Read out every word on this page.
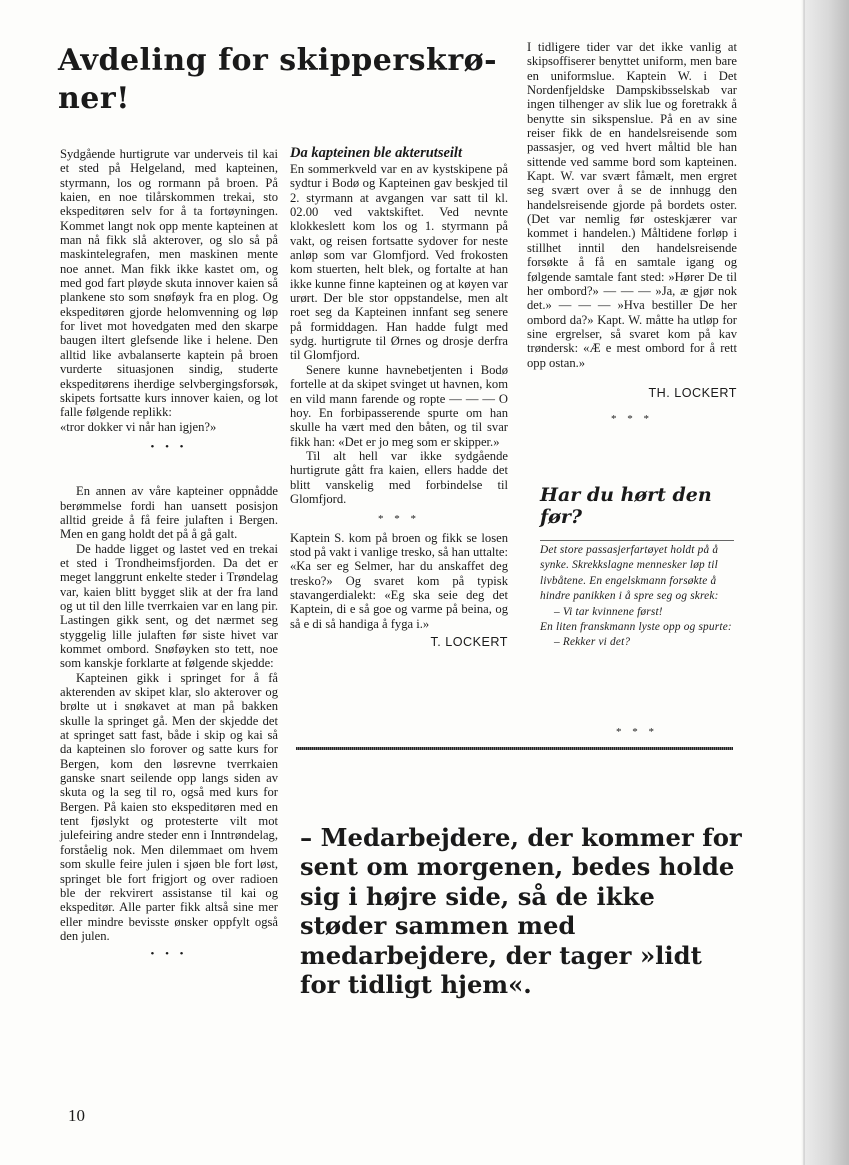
Avdeling for skipperskrø-ner!

Sydgående hurtigrute var underveis til kai et sted på Helgeland, med kapteinen, styrmann, los og rormann på broen. På kaien, en noe tilårskommen trekai, sto ekspeditøren selv for å ta fortøyningen. Kommet langt nok opp mente kapteinen at man nå fikk slå akterover, og slo så på maskintelegrafen, men maskinen mente noe annet. Man fikk ikke kastet om, og med god fart pløyde skuta innover kaien så plankene sto som snøføyk fra en plog. Og ekspeditøren gjorde helomvenning og løp for livet mot hovedgaten med den skarpe baugen iltert glefsende like i helene. Den alltid like avbalanserte kaptein på broen vurderte situasjonen sindig, studerte ekspeditørens iherdige selvbergingsforsøk, skipets fortsatte kurs innover kaien, og lot falle følgende replikk:

«tror dokker vi når han igjen?»

• • •

En annen av våre kapteiner oppnådde berømmelse fordi han uansett posisjon alltid greide å få feire julaften i Bergen. Men en gang holdt det på å gå galt.

De hadde ligget og lastet ved en trekai et sted i Trondheimsfjorden. Da det er meget langgrunt enkelte steder i Trøndelag var, kaien blitt bygget slik at der fra land og ut til den lille tverrkaien var en lang pir. Lastingen gikk sent, og det nærmet seg styggelig lille julaften før siste hivet var kommet ombord. Snøføyken sto tett, noe som kanskje forklarte at følgende skjedde:

Kapteinen gikk i springet for å få akterenden av skipet klar, slo akterover og brølte ut i snøkavet at man på bakken skulle la springet gå. Men der skjedde det at springet satt fast, både i skip og kai så da kapteinen slo forover og satte kurs for Bergen, kom den løsrevne tverrkaien ganske snart seilende opp langs siden av skuta og la seg til ro, også med kurs for Bergen. På kaien sto ekspeditøren med en tent fjøslykt og protesterte vilt mot julefeiring andre steder enn i Inntrøndelag, forståelig nok. Men dilemmaet om hvem som skulle feire julen i sjøen ble fort løst, springet ble fort frigjort og over radioen ble der rekvirert assistanse til kai og ekspeditør. Alle parter fikk altså sine mer eller mindre bevisste ønsker oppfylt også den julen.

• • •

Da kapteinen ble akterutseilt

En sommerkveld var en av kystskipene på sydtur i Bodø og Kapteinen gav beskjed til 2. styrmann at avgangen var satt til kl. 02.00 ved vaktskiftet. Ved nevnte klokkeslett kom los og 1. styrmann på vakt, og reisen fortsatte sydover for neste anløp som var Glomfjord. Ved frokosten kom stuerten, helt blek, og fortalte at han ikke kunne finne kapteinen og at køyen var urørt. Der ble stor oppstandelse, men alt roet seg da Kapteinen innfant seg senere på formiddagen. Han hadde fulgt med sydg. hurtigrute til Ørnes og drosje derfra til Glomfjord.

Senere kunne havnebetjenten i Bodø fortelle at da skipet svinget ut havnen, kom en vild mann farende og ropte — — — O hoy. En forbipasserende spurte om han skulle ha vært med den båten, og til svar fikk han: «Det er jo meg som er skipper.»

Til alt hell var ikke sydgående hurtigrute gått fra kaien, ellers hadde det blitt vanskelig med forbindelse til Glomfjord.

* * *

Kaptein S. kom på broen og fikk se losen stod på vakt i vanlige tresko, så han uttalte: «Ka ser eg Selmer, har du anskaffet deg tresko?» Og svaret kom på typisk stavangerdialekt: «Eg ska seie deg det Kaptein, di e så goe og varme på beina, og så e di så handiga å fyga i.»

T. LOCKERT

I tidligere tider var det ikke vanlig at skipsoffiserer benyttet uniform, men bare en uniformslue. Kaptein W. i Det Nordenfjeldske Dampskibsselskab var ingen tilhenger av slik lue og foretrakk å benytte sin sikspenslue. På en av sine reiser fikk de en handelsreisende som passasjer, og ved hvert måltid ble han sittende ved samme bord som kapteinen. Kapt. W. var svært fåmælt, men ergret seg svært over å se de innhugg den handelsreisende gjorde på bordets oster. (Det var nemlig før osteskjærer var kommet i handelen.) Måltidene forløp i stillhet inntil den handelsreisende forsøkte å få en samtale igang og følgende samtale fant sted: »Hører De til her ombord?» — — — »Ja, æ gjør nok det.» — — — »Hva bestiller De her ombord da?» Kapt. W. måtte ha utløp for sine ergrelser, så svaret kom på kav trøndersk: «Æ e mest ombord for å rett opp ostan.»

TH. LOCKERT

* * *

Har du hørt den før?

Det store passasjerfartøyet holdt på å synke. Skrekkslagne mennesker løp til livbåtene. En engelskmann forsøkte å hindre panikken i å spre seg og skrek:

– Vi tar kvinnene først!

En liten franskmann lyste opp og spurte:

– Rekker vi det?

* * *

– Medarbejdere, der kommer for sent om morgenen, bedes holde sig i højre side, så de ikke støder sammen med medarbejdere, der tager »lidt for tidligt hjem«.

10
